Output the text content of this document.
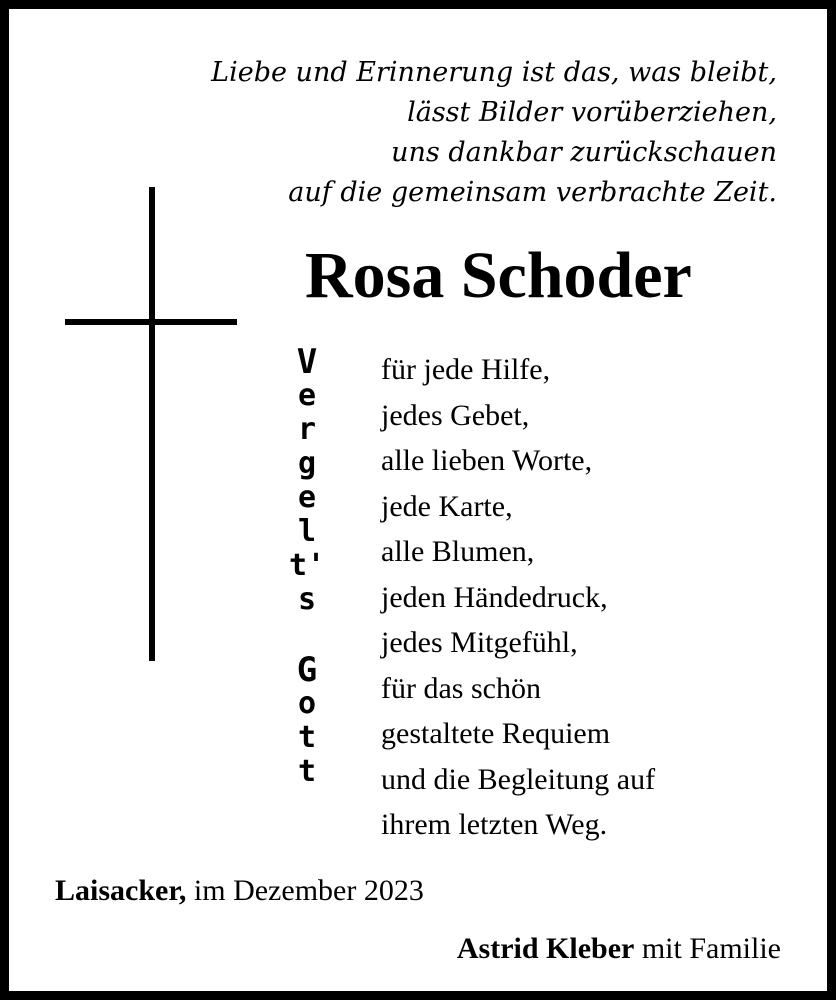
Liebe und Erinnerung ist das, was bleibt,
lässt Bilder vorüberziehen,
uns dankbar zurückschauen
auf die gemeinsam verbrachte Zeit.
Rosa Schoder
V
e
r
g
e
l
t'
s
G
o
t
t
für jede Hilfe,
jedes Gebet,
alle lieben Worte,
jede Karte,
alle Blumen,
jeden Händedruck,
jedes Mitgefühl,
für das schön
gestaltete Requiem
und die Begleitung auf
ihrem letzten Weg.
Laisacker, im Dezember 2023
Astrid Kleber mit Familie
